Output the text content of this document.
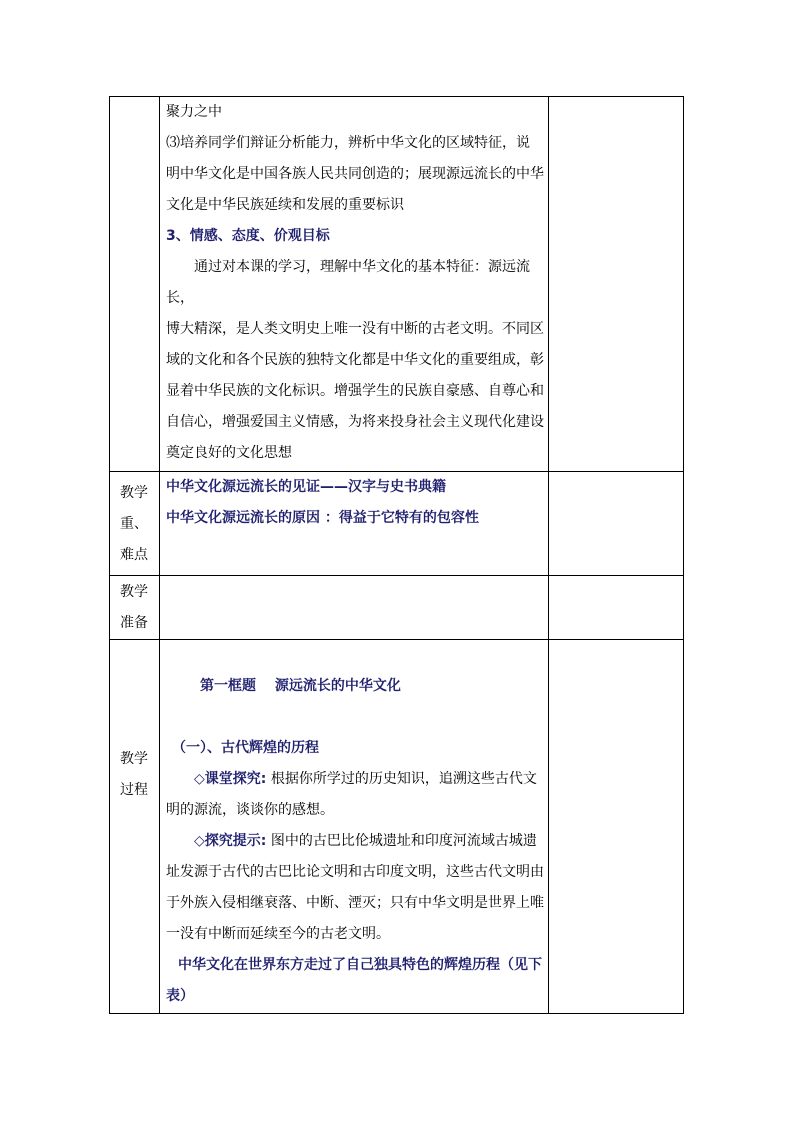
聚力之中

⑶培养同学们辩证分析能力，辨析中华文化的区域特征，说

明中华文化是中国各族人民共同创造的；展现源远流长的中华

文化是中华民族延续和发展的重要标识

3、情感、态度、价观目标

通过对本课的学习，理解中华文化的基本特征：源远流长，

博大精深，是人类文明史上唯一没有中断的古老文明。不同区

域的文化和各个民族的独特文化都是中华文化的重要组成，彰

显着中华民族的文化标识。增强学生的民族自豪感、自尊心和

自信心，增强爱国主义情感，为将来投身社会主义现代化建设

奠定良好的文化思想

教学
重、
难点

中华文化源远流长的见证——汉字与史书典籍

中华文化源远流长的原因 ：得益于它特有的包容性

教学
准备
教学
过程

第一框题　 源远流长的中华文化

（一）、古代辉煌的历程

◇课堂探究: 根据你所学过的历史知识，追溯这些古代文

明的源流，谈谈你的感想。

◇探究提示: 图中的古巴比伦城遗址和印度河流域古城遗

址发源于古代的古巴比论文明和古印度文明，这些古代文明由

于外族入侵相继衰落、中断、湮灭；只有中华文明是世界上唯

一没有中断而延续至今的古老文明。

中华文化在世界东方走过了自己独具特色的辉煌历程（见下

表）
